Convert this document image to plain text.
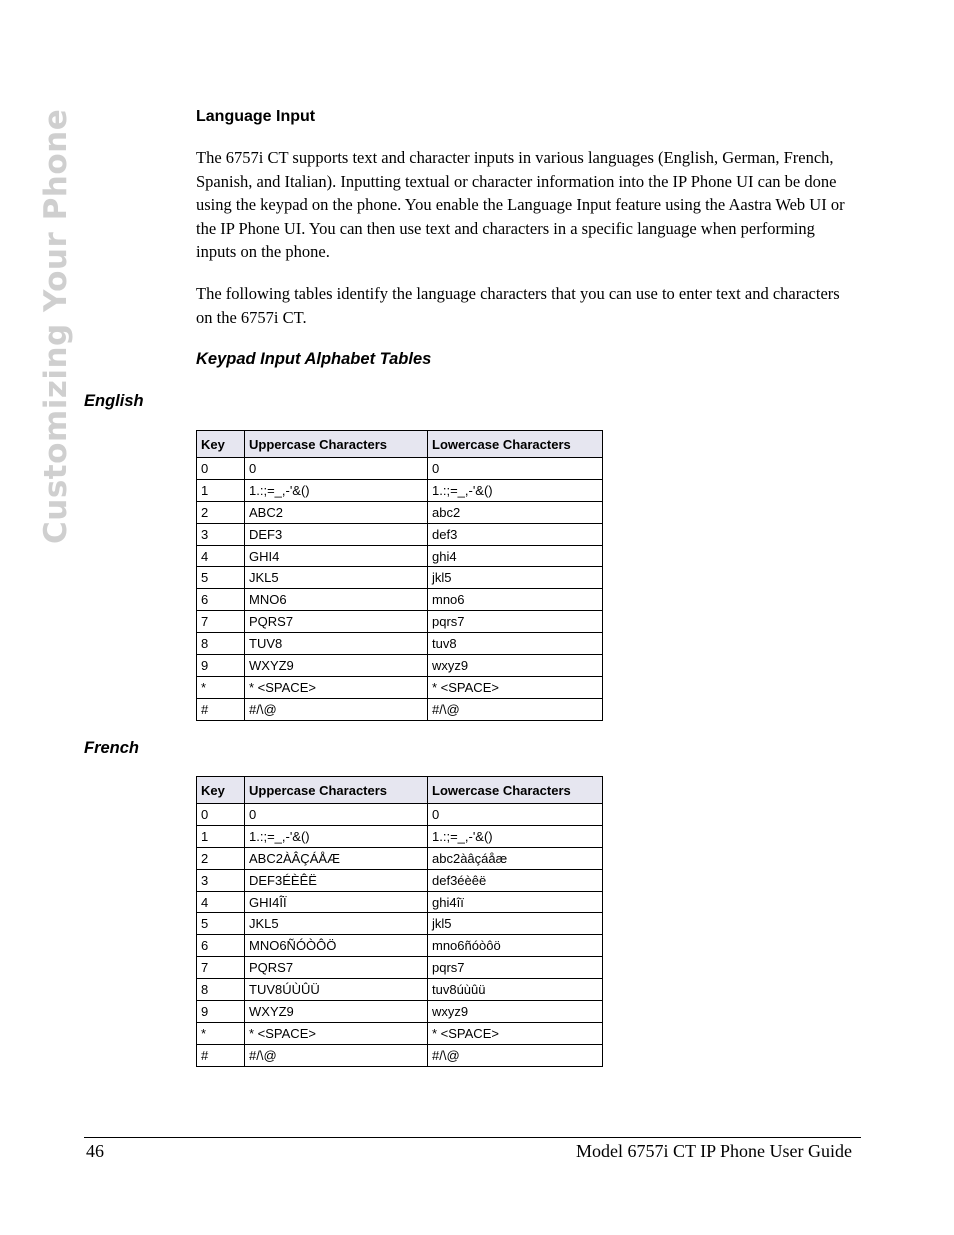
Customizing Your Phone	Language Input

The 6757i CT supports text and character inputs in various languages (English, German, French, Spanish, and Italian). Inputting textual or character information into the IP Phone UI can be done using the keypad on the phone. You enable the Language Input feature using the Aastra Web UI or the IP Phone UI. You can then use text and characters in a specific language when performing inputs on the phone.

The following tables identify the language characters that you can use to enter text and characters on the 6757i CT.

Keypad Input Alphabet Tables
English
Key	Uppercase Characters	Lowercase Characters
0	0	0
1	1.:;=_,-'&()	1.:;=_,-'&()
2	ABC2	abc2
3	DEF3	def3
4	GHI4	ghi4
5	JKL5	jkl5
6	MNO6	mno6
7	PQRS7	pqrs7
8	TUV8	tuv8
9	WXYZ9	wxyz9
*	* <SPACE>	* <SPACE>
#	#/\@	#/\@
French
Key	Uppercase Characters	Lowercase Characters
0	0	0
1	1.:;=_,-'&()	1.:;=_,-'&()
2	ABC2ÀÂÇÁÅÆ	abc2àâçáåæ
3	DEF3ÉÈÊË	def3éèêë
4	GHI4ÎÏ	ghi4îï
5	JKL5	jkl5
6	MNO6ÑÓÒÔÖ	mno6ñóòôö
7	PQRS7	pqrs7
8	TUV8ÚÙÛÜ	tuv8úùûü
9	WXYZ9	wxyz9
*	* <SPACE>	* <SPACE>
#	#/\@	#/\@
46	Model 6757i CT IP Phone User Guide
